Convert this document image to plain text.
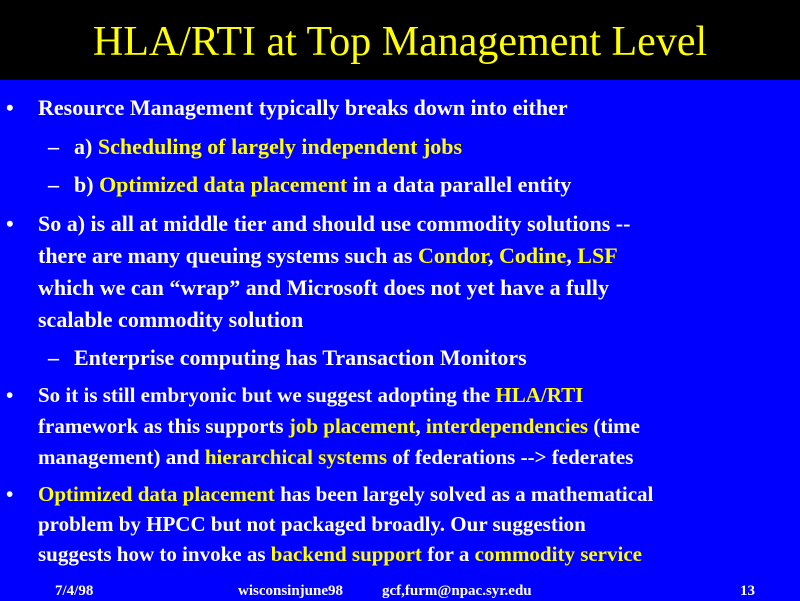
HLA/RTI at Top Management Level
• Resource Management typically breaks down into either
– a) Scheduling of largely independent jobs
– b) Optimized data placement in a data parallel entity
• So a) is all at middle tier and should use commodity solutions --
there are many queuing systems such as Condor, Codine, LSF
which we can “wrap” and Microsoft does not yet have a fully
scalable commodity solution
– Enterprise computing has Transaction Monitors
• So it is still embryonic but we suggest adopting the HLA/RTI
framework as this supports job placement, interdependencies (time
management) and hierarchical systems of federations --> federates
• Optimized data placement has been largely solved as a mathematical
problem by HPCC but not packaged broadly. Our suggestion
suggests how to invoke as backend support for a commodity service
7/4/98	wisconsinjune98	gcf,furm@npac.syr.edu	13
